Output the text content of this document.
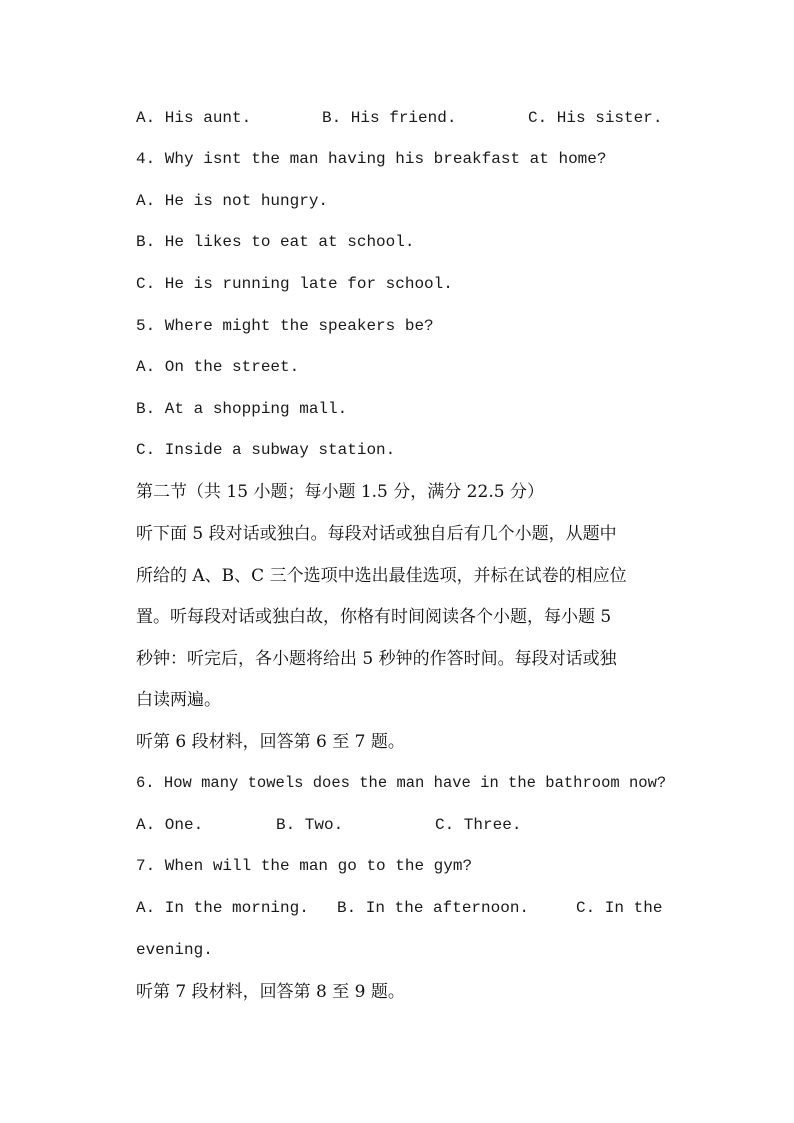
A. His aunt.	B. His friend.	C. His sister.
4. Why isnt the man having his breakfast at home?
A. He is not hungry.
B. He likes to eat at school.
C. He is running late for school.
5. Where might the speakers be?
A. On the street.
B. At a shopping mall.
C. Inside a subway station.
第二节（共 15 小题；每小题 1.5 分，满分 22.5 分）
听下面 5 段对话或独白。每段对话或独自后有几个小题，从题中
所给的 A、B、C 三个选项中选出最佳选项，并标在试卷的相应位
置。听每段对话或独白故，你格有时间阅读各个小题，每小题 5
秒钟：听完后，各小题将给出 5 秒钟的作答时间。每段对话或独
白读两遍。
听第 6 段材料，回答第 6 至 7 题。
6. How many towels does the man have in the bathroom now?
A. One.	B. Two.	C. Three.
7. When will the man go to the gym?
A. In the morning. B. In the afternoon.	C. In the
evening.
听第 7 段材料，回答第 8 至 9 题。
